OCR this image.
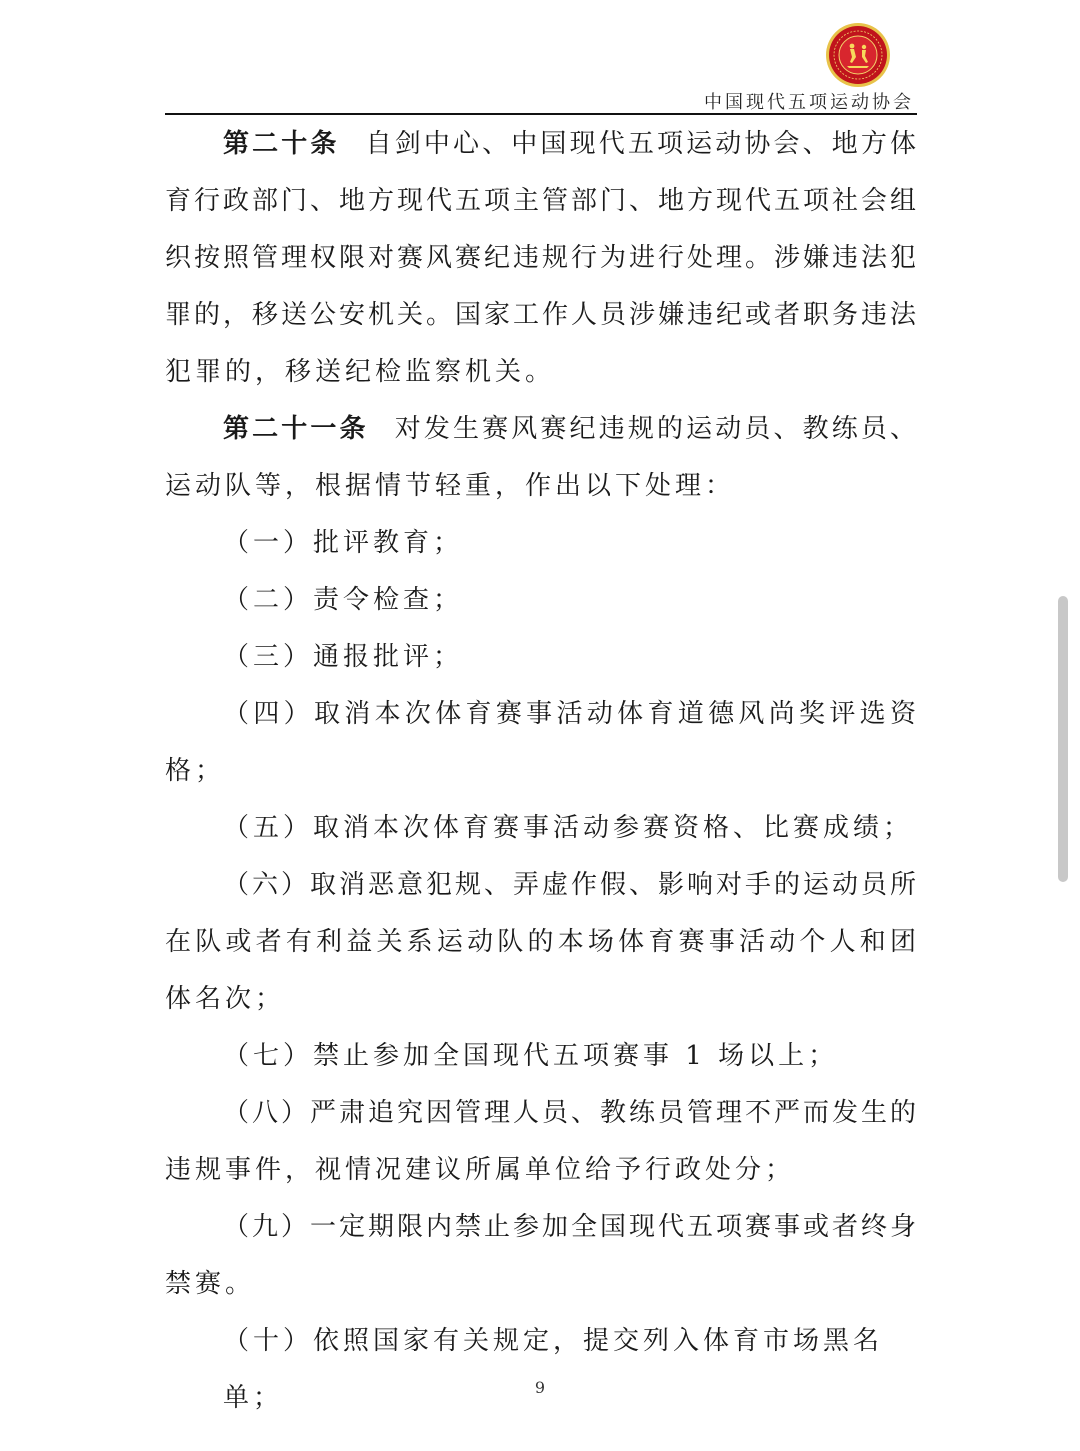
中国现代五项运动协会

第二十条 自剑中心、中国现代五项运动协会、地方体

育行政部门、地方现代五项主管部门、地方现代五项社会组

织按照管理权限对赛风赛纪违规行为进行处理。涉嫌违法犯

罪的，移送公安机关。国家工作人员涉嫌违纪或者职务违法

犯罪的，移送纪检监察机关。

第二十一条 对发生赛风赛纪违规的运动员、教练员、

运动队等，根据情节轻重，作出以下处理：

（一）批评教育；

（二）责令检查；

（三）通报批评；

（四）取消本次体育赛事活动体育道德风尚奖评选资

格；

（五）取消本次体育赛事活动参赛资格、比赛成绩；

（六）取消恶意犯规、弄虚作假、影响对手的运动员所

在队或者有利益关系运动队的本场体育赛事活动个人和团

体名次；

（七）禁止参加全国现代五项赛事 1 场以上；

（八）严肃追究因管理人员、教练员管理不严而发生的

违规事件，视情况建议所属单位给予行政处分；

（九）一定期限内禁止参加全国现代五项赛事或者终身

禁赛。

（十）依照国家有关规定，提交列入体育市场黑名单；	9
